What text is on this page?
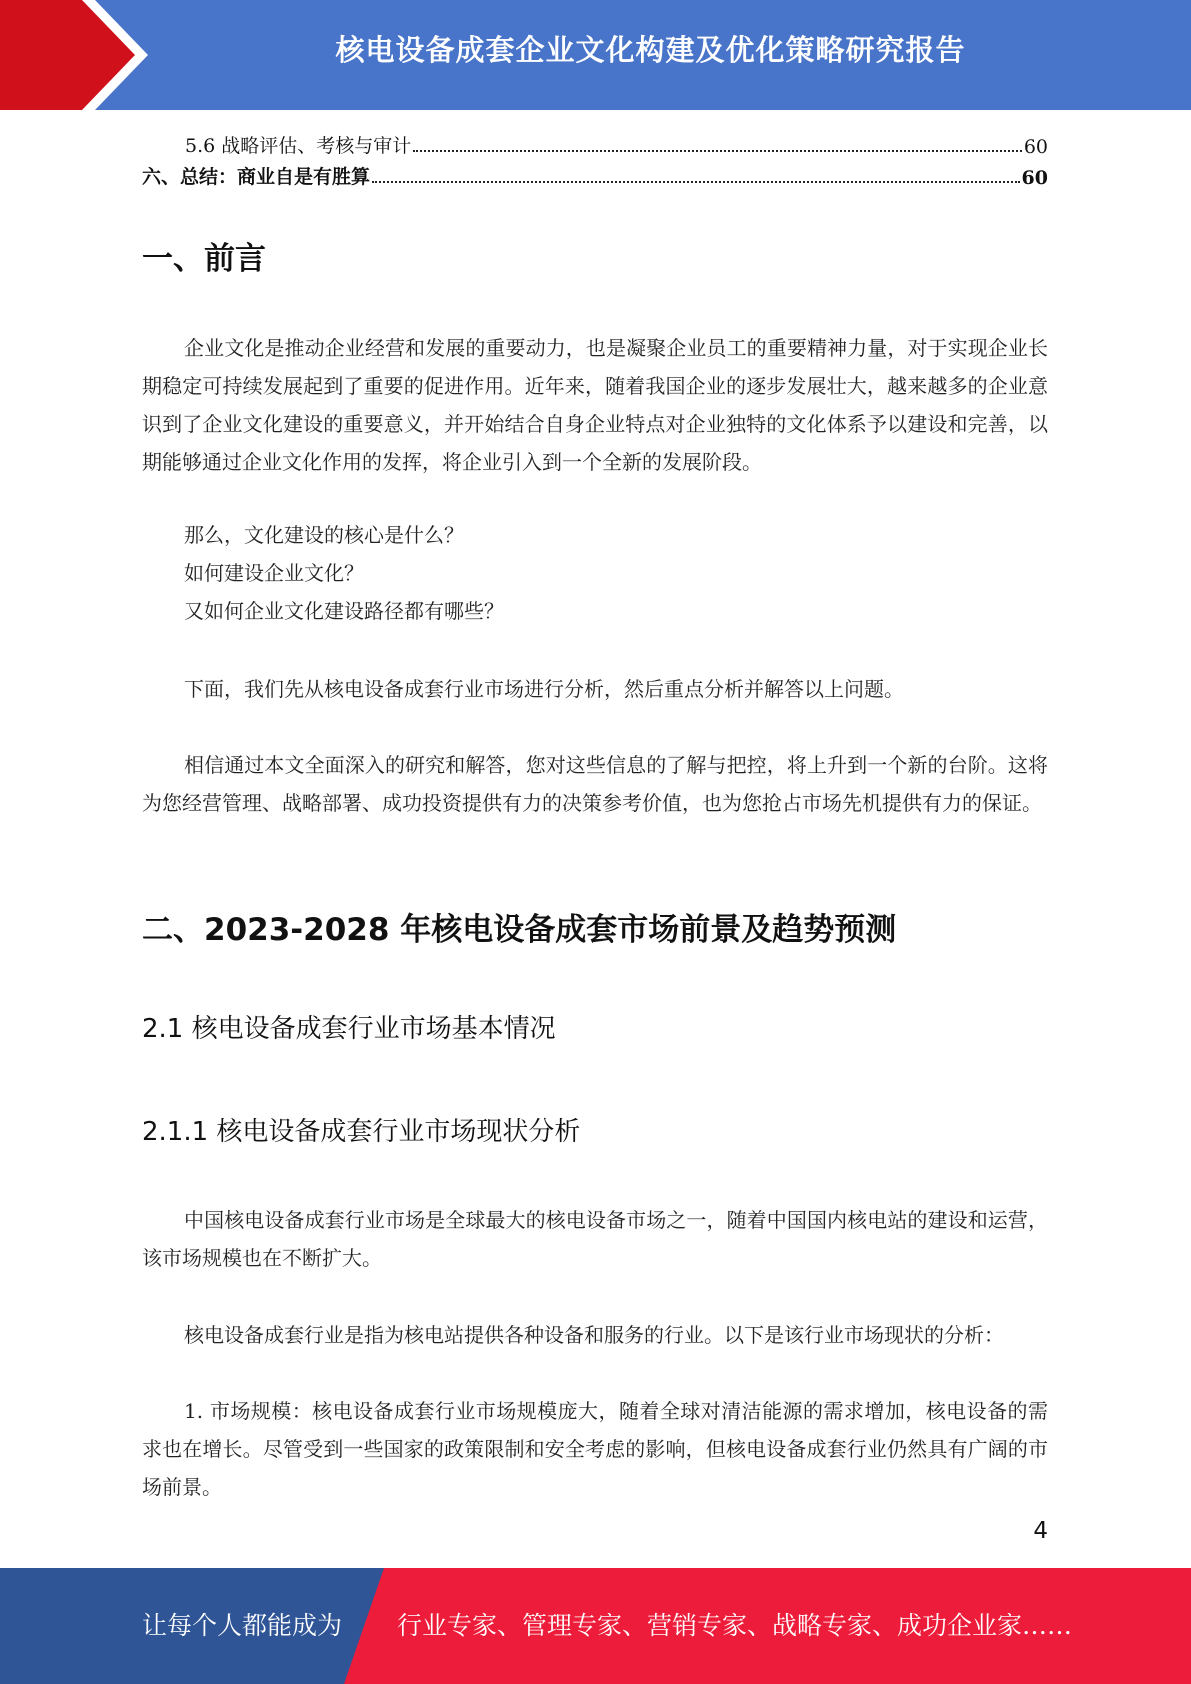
核电设备成套企业文化构建及优化策略研究报告
5.6 战略评估、考核与审计	60
六、总结：商业自是有胜算	60
一、前言

企业文化是推动企业经营和发展的重要动力，也是凝聚企业员工的重要精神力量，对于实现企业长期稳定可持续发展起到了重要的促进作用。近年来，随着我国企业的逐步发展壮大，越来越多的企业意识到了企业文化建设的重要意义，并开始结合自身企业特点对企业独特的文化体系予以建设和完善，以期能够通过企业文化作用的发挥，将企业引入到一个全新的发展阶段。

那么，文化建设的核心是什么？

如何建设企业文化？

又如何企业文化建设路径都有哪些？

下面，我们先从核电设备成套行业市场进行分析，然后重点分析并解答以上问题。

相信通过本文全面深入的研究和解答，您对这些信息的了解与把控，将上升到一个新的台阶。这将为您经营管理、战略部署、成功投资提供有力的决策参考价值，也为您抢占市场先机提供有力的保证。

二、2023-2028 年核电设备成套市场前景及趋势预测
2.1 核电设备成套行业市场基本情况
2.1.1 核电设备成套行业市场现状分析

中国核电设备成套行业市场是全球最大的核电设备市场之一，随着中国国内核电站的建设和运营，该市场规模也在不断扩大。

核电设备成套行业是指为核电站提供各种设备和服务的行业。以下是该行业市场现状的分析：

1. 市场规模：核电设备成套行业市场规模庞大，随着全球对清洁能源的需求增加，核电设备的需求也在增长。尽管受到一些国家的政策限制和安全考虑的影响，但核电设备成套行业仍然具有广阔的市场前景。

4
让每个人都能成为 行业专家、管理专家、营销专家、战略专家、成功企业家……
